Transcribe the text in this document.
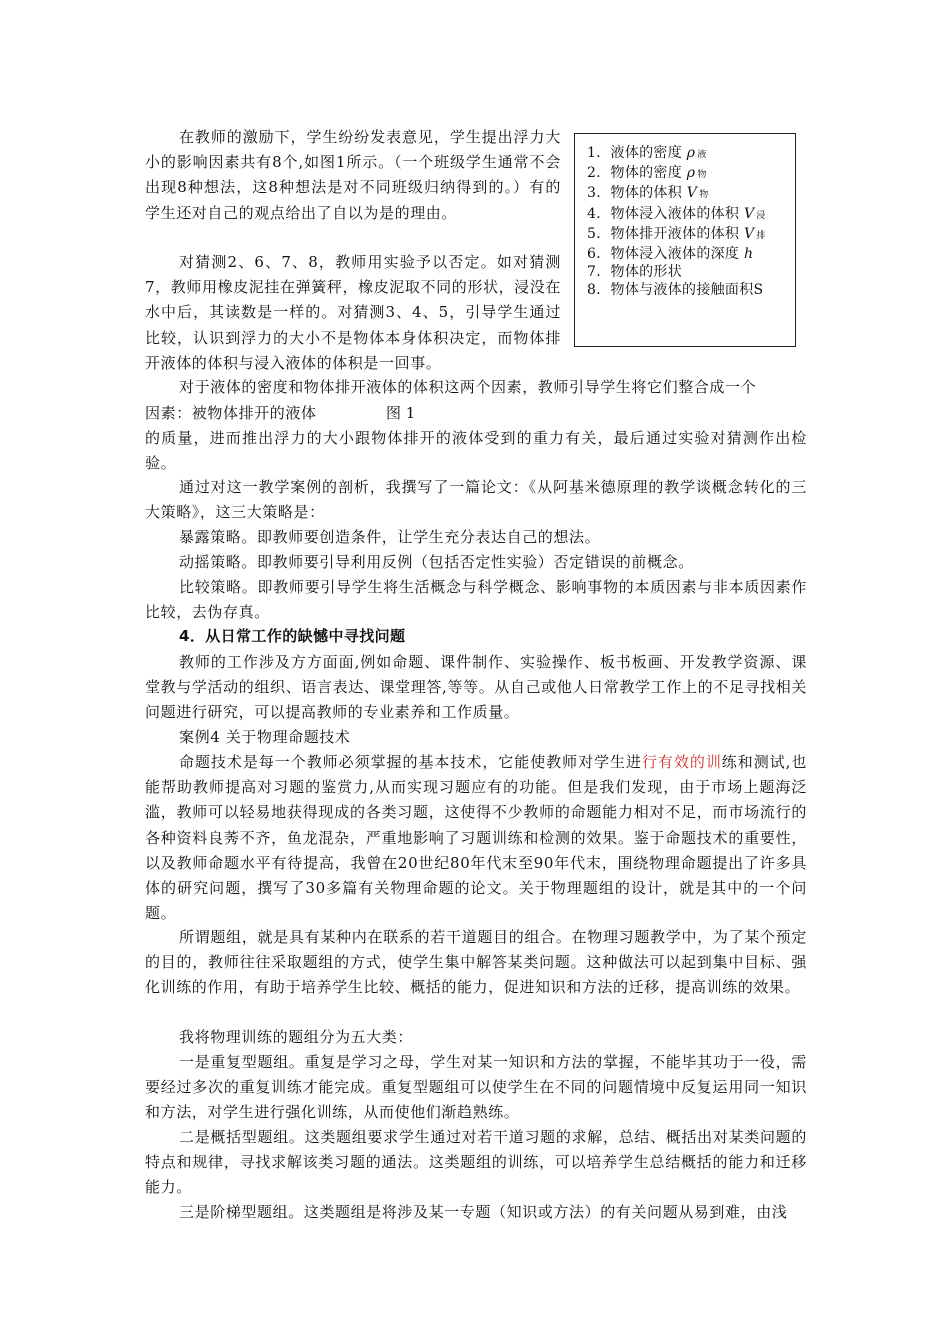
在教师的激励下，学生纷纷发表意见，学生提出浮力大小的影响因素共有8个,如图1所示。（一个班级学生通常不会出现8种想法，这8种想法是对不同班级归纳得到的。）有的学生还对自己的观点给出了自以为是的理由。

对猜测2、6、7、8，教师用实验予以否定。如对猜测7，教师用橡皮泥挂在弹簧秤，橡皮泥取不同的形状，浸没在水中后，其读数是一样的。对猜测3、4、5，引导学生通过比较，认识到浮力的大小不是物体本身体积决定，而物体排开液体的体积与浸入液体的体积是一回事。

1．液体的密度 ρ 液
2．物体的密度 ρ 物
3．物体的体积 V 物
4．物体浸入液体的体积 V 浸
5．物体排开液体的体积 V 排
6．物体浸入液体的深度 h
7．物体的形状
8．物体与液体的接触面积S

对于液体的密度和物体排开液体的体积这两个因素，教师引导学生将它们整合成一个

因素：被物体排开的液体	图 1

的质量，进而推出浮力的大小跟物体排开的液体受到的重力有关，最后通过实验对猜测作出检验。

通过对这一教学案例的剖析，我撰写了一篇论文：《从阿基米德原理的教学谈概念转化的三大策略》，这三大策略是：

暴露策略。即教师要创造条件，让学生充分表达自己的想法。

动摇策略。即教师要引导利用反例（包括否定性实验）否定错误的前概念。

比较策略。即教师要引导学生将生活概念与科学概念、影响事物的本质因素与非本质因素作比较，去伪存真。

4．从日常工作的缺憾中寻找问题

教师的工作涉及方方面面,例如命题、课件制作、实验操作、板书板画、开发教学资源、课堂教与学活动的组织、语言表达、课堂理答,等等。从自己或他人日常教学工作上的不足寻找相关问题进行研究，可以提高教师的专业素养和工作质量。

案例4 关于物理命题技术

命题技术是每一个教师必须掌握的基本技术，它能使教师对学生进行有效的训练和测试,也能帮助教师提高对习题的鉴赏力,从而实现习题应有的功能。但是我们发现，由于市场上题海泛滥，教师可以轻易地获得现成的各类习题，这使得不少教师的命题能力相对不足，而市场流行的各种资料良莠不齐，鱼龙混杂，严重地影响了习题训练和检测的效果。鉴于命题技术的重要性，以及教师命题水平有待提高，我曾在20世纪80年代末至90年代末，围绕物理命题提出了许多具体的研究问题，撰写了30多篇有关物理命题的论文。关于物理题组的设计，就是其中的一个问题。

所谓题组，就是具有某种内在联系的若干道题目的组合。在物理习题教学中，为了某个预定的目的，教师往往采取题组的方式，使学生集中解答某类问题。这种做法可以起到集中目标、强化训练的作用，有助于培养学生比较、概括的能力，促进知识和方法的迁移，提高训练的效果。

我将物理训练的题组分为五大类：

一是重复型题组。重复是学习之母，学生对某一知识和方法的掌握，不能毕其功于一役，需要经过多次的重复训练才能完成。重复型题组可以使学生在不同的问题情境中反复运用同一知识和方法，对学生进行强化训练，从而使他们渐趋熟练。

二是概括型题组。这类题组要求学生通过对若干道习题的求解，总结、概括出对某类问题的特点和规律，寻找求解该类习题的通法。这类题组的训练，可以培养学生总结概括的能力和迁移能力。

三是阶梯型题组。这类题组是将涉及某一专题（知识或方法）的有关问题从易到难，由浅
